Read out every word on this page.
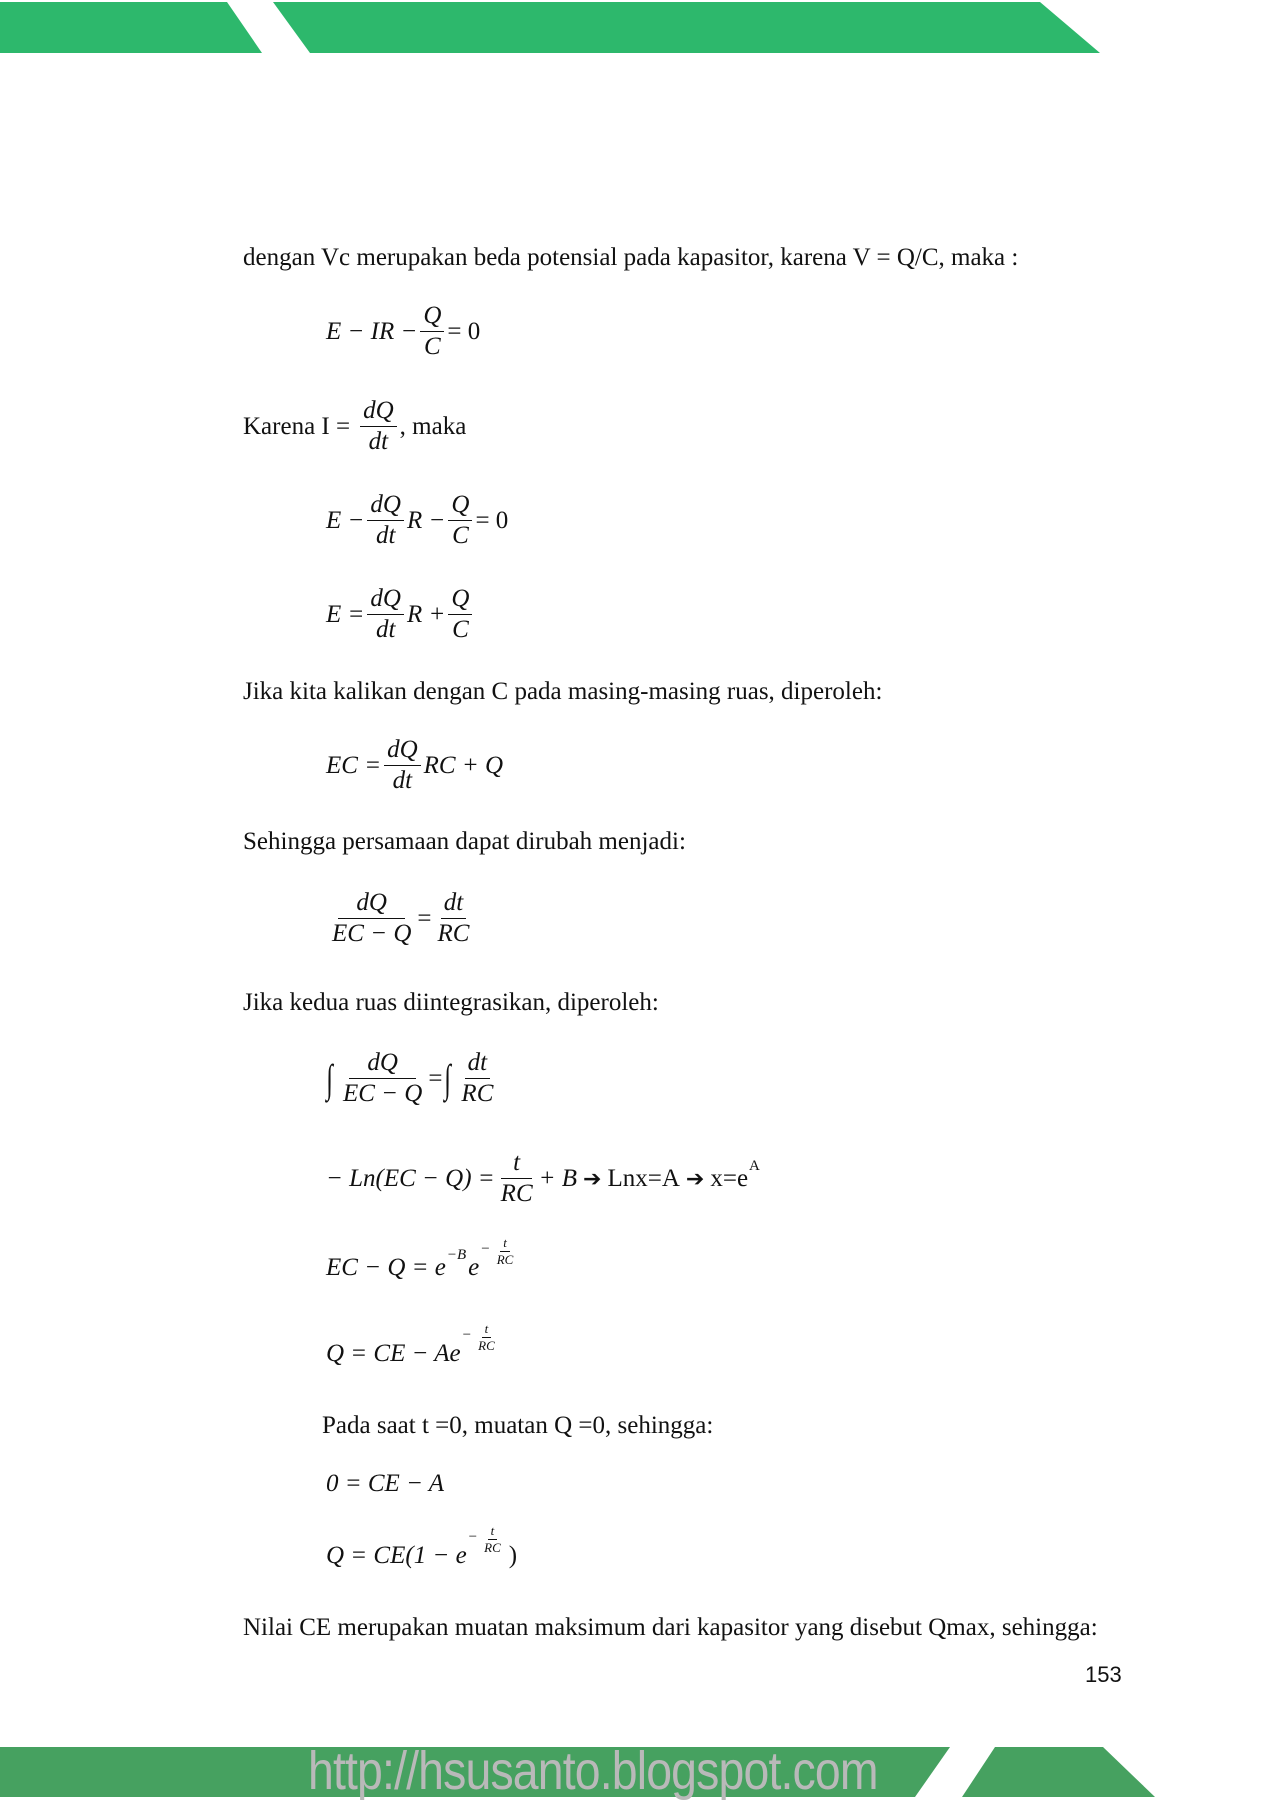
dengan Vc merupakan beda potensial pada kapasitor, karena V = Q/C, maka :
E − IR − $\frac{Q}{C} = 0$
Karena $I = \frac{dQ}{dt}$ , maka
$E - \frac{dQ}{dt}$ $R - \frac{Q}{C} = 0$
$E = \frac{dQ}{dt}$ $R + \frac{Q}{C}$
Jika kita kalikan dengan C pada masing-masing ruas, diperoleh:
EC = $\frac{dQ}{dt}$ RC + Q
Sehingga persamaan dapat dirubah menjadi:
$\frac{dQ}{EC - Q} = \frac{dt}{RC}$
Jika kedua ruas diintegrasikan, diperoleh:
∫ $\frac{dQ}{EC - Q}$ = ∫ $\frac{dt}{RC}$
− $Ln(EC - Q) = \frac{t}{RC} + B$ ➔ Lnx=A ➔ x=e A
EC − Q = e −B e
− $\frac{t}{RC}$
Q = CE − Ae
− $\frac{t}{RC}$
Pada saat t =0, muatan Q =0, sehingga:
0 = CE − A
Q = CE(1 − e
− $\frac{t}{RC}$ )
Nilai CE merupakan muatan maksimum dari kapasitor yang disebut Qmax, sehingga:
153
http://hsusanto.blogspot.com
